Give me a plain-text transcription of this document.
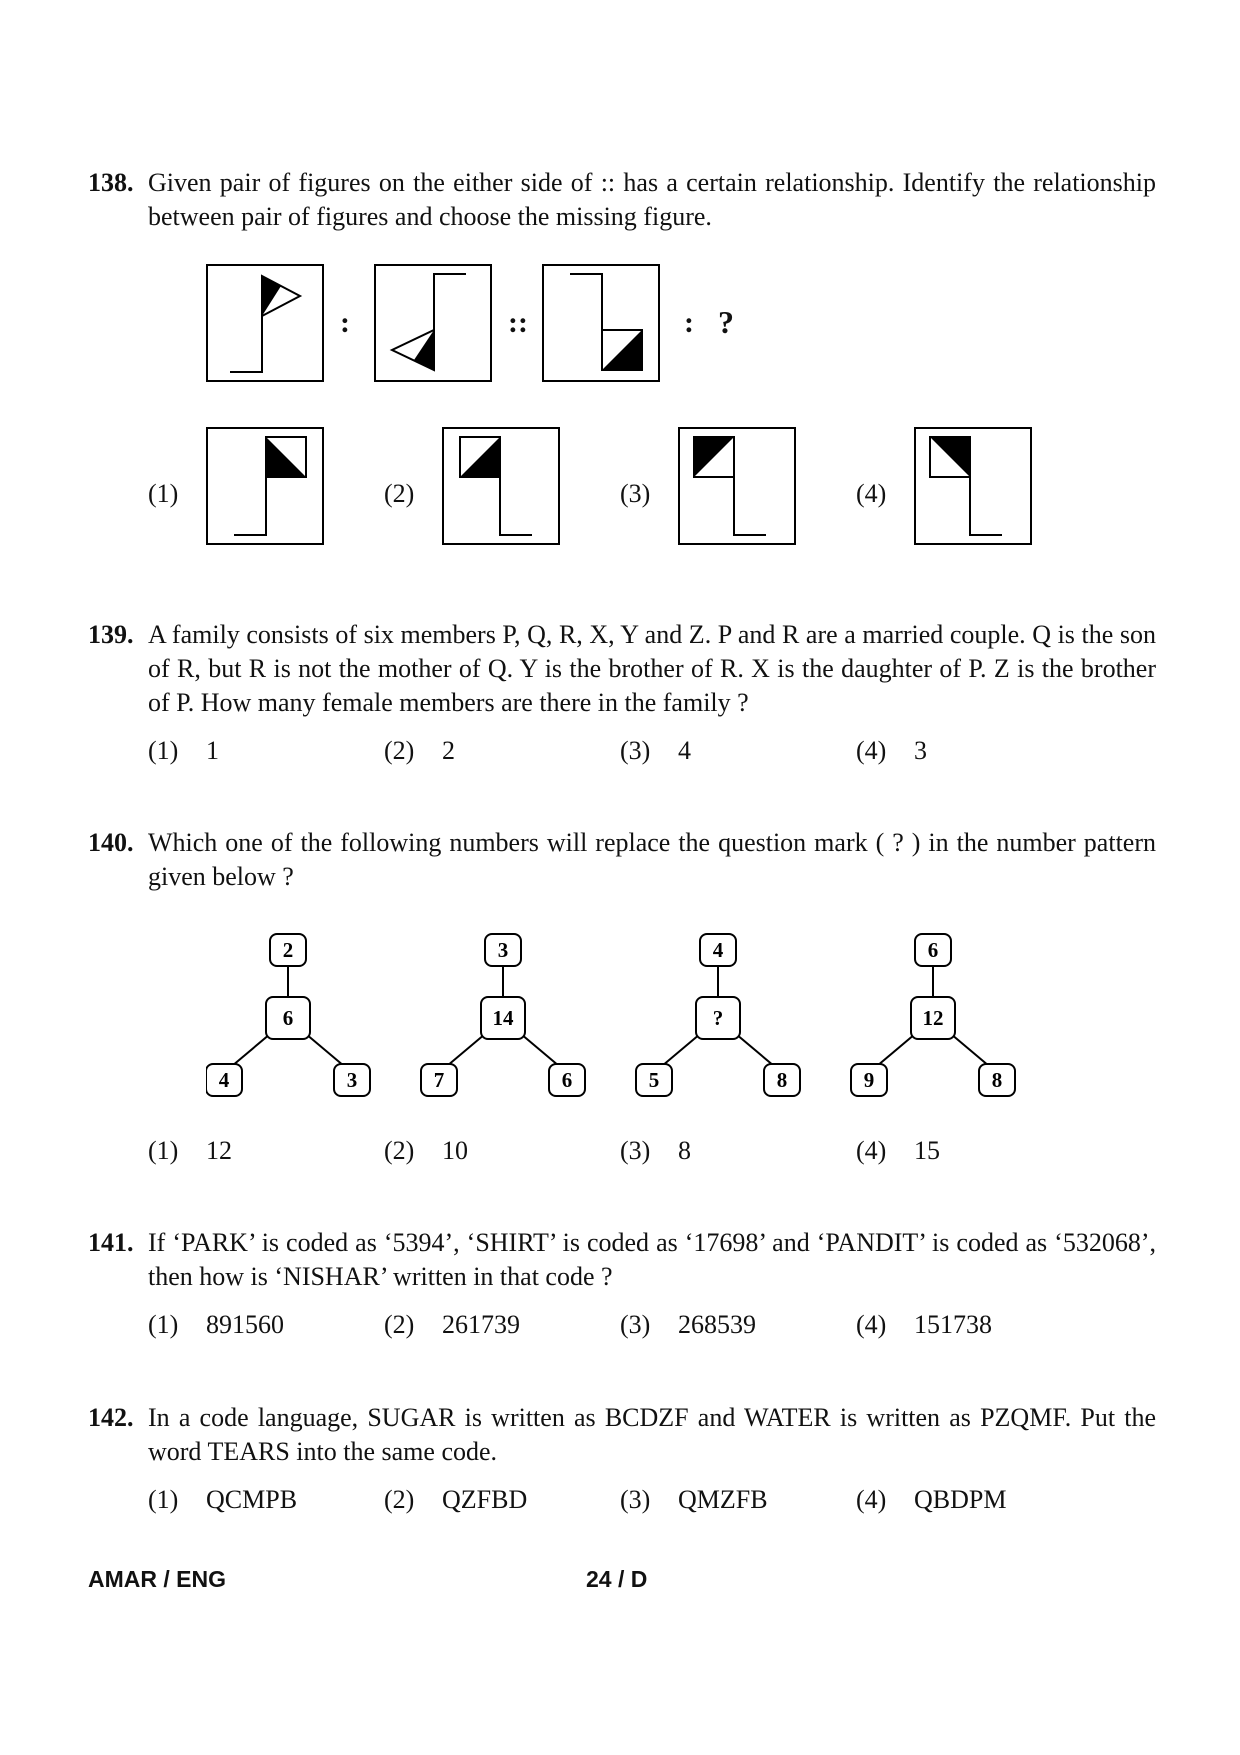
138. Given pair of figures on the either side of :: has a certain relationship. Identify the relationship between pair of figures and choose the missing figure.
:	::	: ?
(1)	(2)	(3)	(4)
139. A family consists of six members P, Q, R, X, Y and Z. P and R are a married couple. Q is the son of R, but R is not the mother of Q. Y is the brother of R. X is the daughter of P. Z is the brother of P. How many female members are there in the family ?
(1) 1	(2) 2	(3) 4	(4) 3
140. Which one of the following numbers will replace the question mark ( ? ) in the number pattern given below ?
2
6
4	3
3
14
7	6
4
?
5	8
6
12
9	8
(1) 12	(2) 10	(3) 8	(4) 15
141. If ‘PARK’ is coded as ‘5394’, ‘SHIRT’ is coded as ‘17698’ and ‘PANDIT’ is coded as ‘532068’, then how is ‘NISHAR’ written in that code ?
(1) 891560	(2) 261739	(3) 268539	(4) 151738
142. In a code language, SUGAR is written as BCDZF and WATER is written as PZQMF. Put the word TEARS into the same code.
(1) QCMPB	(2) QZFBD	(3) QMZFB	(4) QBDPM
AMAR / ENG	24 / D
